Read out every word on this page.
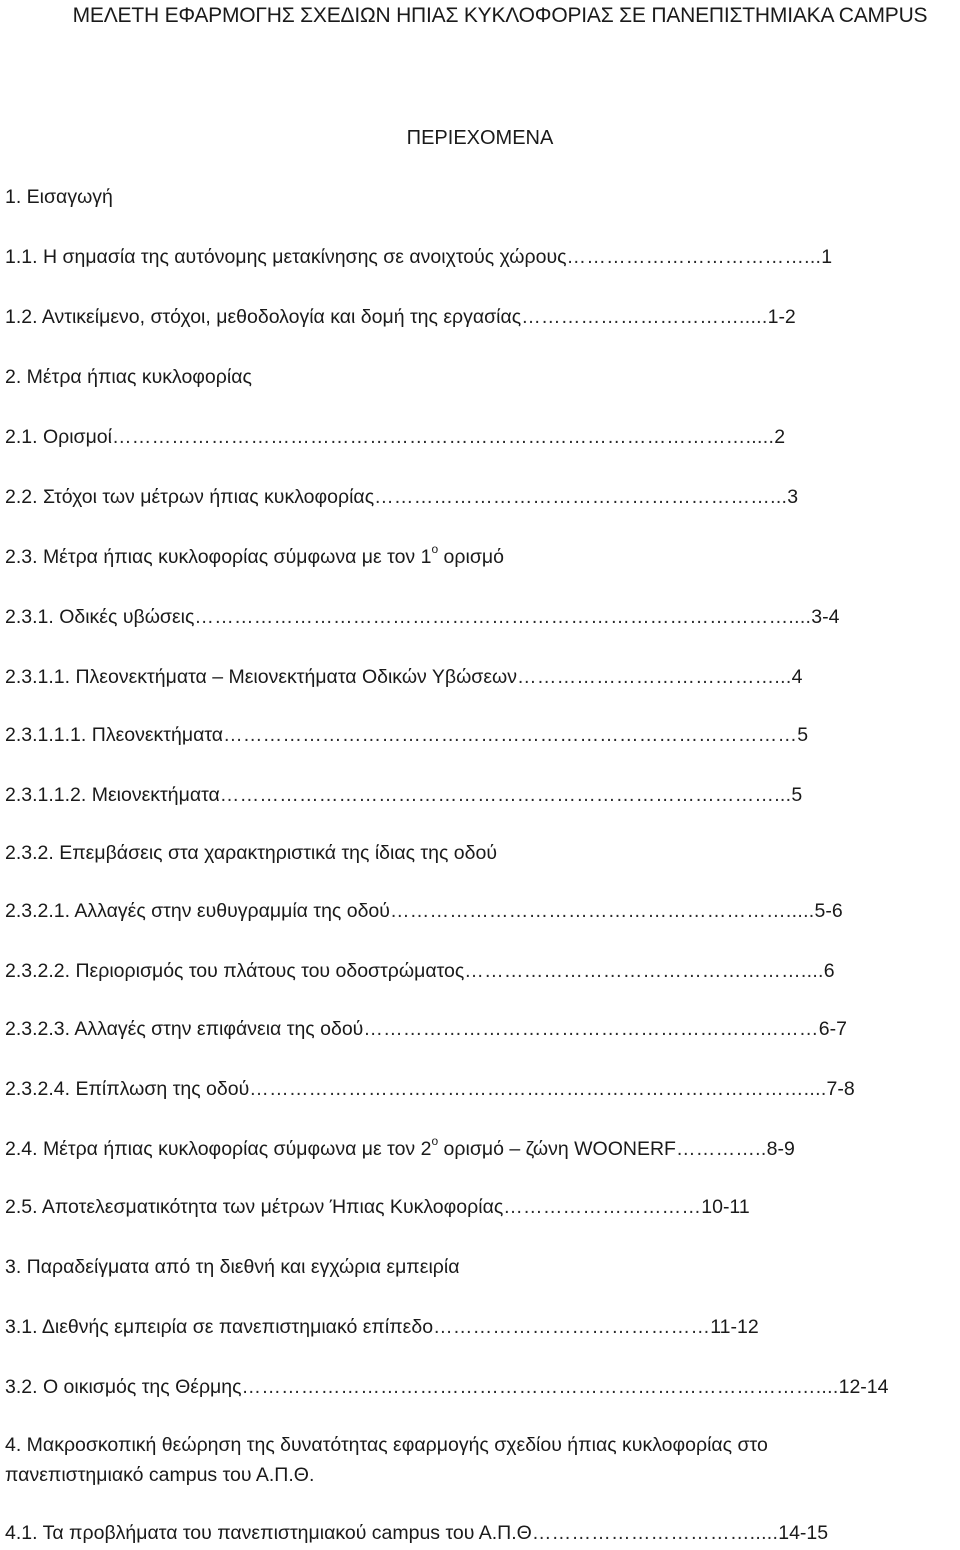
ΜΕΛΕΤΗ ΕΦΑΡΜΟΓΗΣ ΣΧΕΔΙΩΝ ΗΠΙΑΣ ΚΥΚΛΟΦΟΡΙΑΣ ΣΕ ΠΑΝΕΠΙΣΤΗΜΙΑΚΑ CAMPUS
ΠΕΡΙΕΧΟΜΕΝΑ
1. Εισαγωγή
1.1. Η σημασία της αυτόνομης μετακίνησης σε ανοιχτούς χώρους………………………………...1
1.2. Αντικείμενο, στόχοι, μεθοδολογία και δομή της εργασίας…………………………….....1-2
2. Μέτρα ήπιας κυκλοφορίας
2.1. Ορισμοί…………………………………………………………………………………….....2
2.2. Στόχοι των μέτρων ήπιας κυκλοφορίας……………………………………………………...3
2.3. Μέτρα ήπιας κυκλοφορίας σύμφωνα με τον $1^o$ ορισμό
2.3.1. Οδικές υβώσεις………………………………………………………………………………....3-4
2.3.1.1. Πλεονεκτήματα – Μειονεκτήματα Οδικών Υβώσεων…………………………………...4
2.3.1.1.1. Πλεονεκτήματα……………………………………………………………………………5
2.3.1.1.2. Μειονεκτήματα…………………………………………………………………………...5
2.3.2. Επεμβάσεις στα χαρακτηριστικά της ίδιας της οδού
2.3.2.1. Αλλαγές στην ευθυγραμμία της οδού…………………………………………………….....5-6
2.3.2.2. Περιορισμός του πλάτους του οδοστρώματος……………………………………………....6
2.3.2.3. Αλλαγές στην επιφάνεια της οδού……………………………………………………………6-7
2.3.2.4. Επίπλωση της οδού…………………………………………………………………………....7-8
2.4. Μέτρα ήπιας κυκλοφορίας σύμφωνα με τον $2^o$ ορισμό – ζώνη WOONERF…………..8-9
2.5. Αποτελεσματικότητα των μέτρων Ήπιας Κυκλοφορίας…………………………10-11
3. Παραδείγματα από τη διεθνή και εγχώρια εμπειρία
3.1. Διεθνής εμπειρία σε πανεπιστημιακό επίπεδο……………………………………11-12
3.2. Ο οικισμός της Θέρμης……………………………………………………………………………....12-14
4. Μακροσκοπική θεώρηση της δυνατότητας εφαρμογής σχεδίου ήπιας κυκλοφορίας στο πανεπιστημιακό campus του Α.Π.Θ.
4.1. Τα προβλήματα του πανεπιστημιακού campus του Α.Π.Θ…………………………….....14-15
